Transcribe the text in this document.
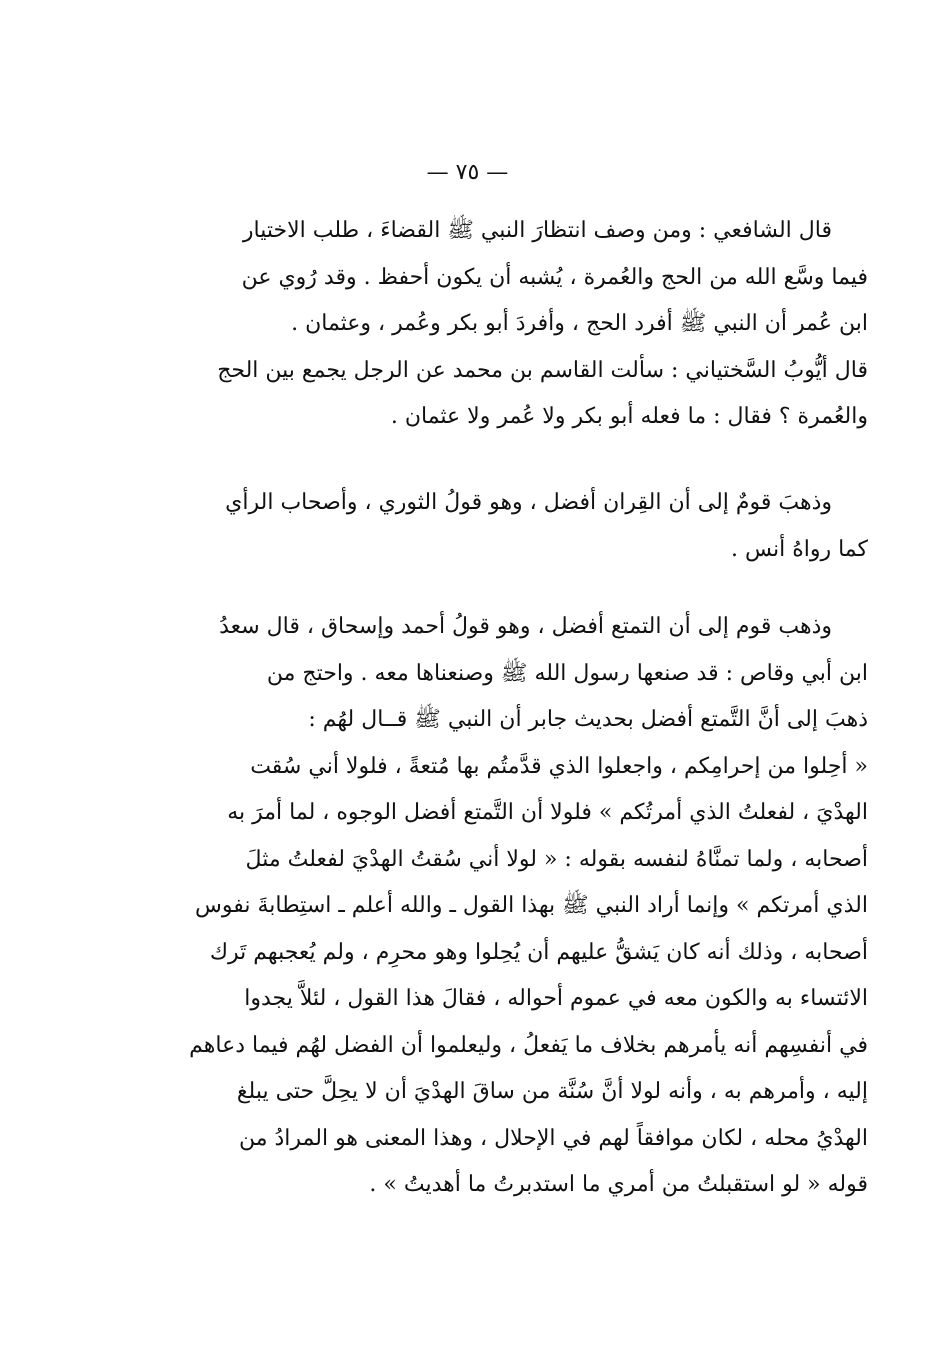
— ٧٥ —

قال الشافعي : ومن وصف انتظارَ النبي ﷺ القضاءَ ، طلب الاختيار
فيما وسَّع الله من الحج والعُمرة ، يُشبه أن يكون أحفظ . وقد رُوي عن
ابن عُمر أن النبي ﷺ أفرد الحج ، وأفردَ أبو بكر وعُمر ، وعثمان .
قال أيُّوبُ السَّختياني : سألت القاسم بن محمد عن الرجل يجمع بين الحج
والعُمرة ؟ فقال : ما فعله أبو بكر ولا عُمر ولا عثمان .

وذهبَ قومٌ إلى أن القِران أفضل ، وهو قولُ الثوري ، وأصحاب الرأي
كما رواهُ أنس .

وذهب قوم إلى أن التمتع أفضل ، وهو قولُ أحمد وإسحاق ، قال سعدُ
ابن أبي وقاص : قد صنعها رسول الله ﷺ وصنعناها معه . واحتج من
ذهبَ إلى أنَّ التَّمتع أفضل بحديث جابر أن النبي ﷺ قــال لهُم :
« أحِلوا من إحرامِكم ، واجعلوا الذي قدَّمتُم بها مُتعةً ، فلولا أني سُقت
الهدْيَ ، لفعلتُ الذي أمرتُكم » فلولا أن التَّمتع أفضل الوجوه ، لما أمرَ به
أصحابه ، ولما تمنَّاهُ لنفسه بقوله : « لولا أني سُقتُ الهدْيَ لفعلتُ مثلَ
الذي أمرتكم » وإنما أراد النبي ﷺ بهذا القول ـ والله أعلم ـ استِطابةَ نفوس
أصحابه ، وذلك أنه كان يَشقُّ عليهم أن يُحِلوا وهو محرِم ، ولم يُعجبهم تَرك
الائتساء به والكون معه في عموم أحواله ، فقالَ هذا القول ، لئلاَّ يجدوا
في أنفسِهم أنه يأمرهم بخلاف ما يَفعلُ ، وليعلموا أن الفضل لهُم فيما دعاهم
إليه ، وأمرهم به ، وأنه لولا أنَّ سُنَّة من ساقَ الهدْيَ أن لا يحِلَّ حتى يبلغ
الهدْيُ محله ، لكان موافقاً لهم في الإحلال ، وهذا المعنى هو المرادُ من
قوله « لو استقبلتُ من أمري ما استدبرتُ ما أهديتُ » .
